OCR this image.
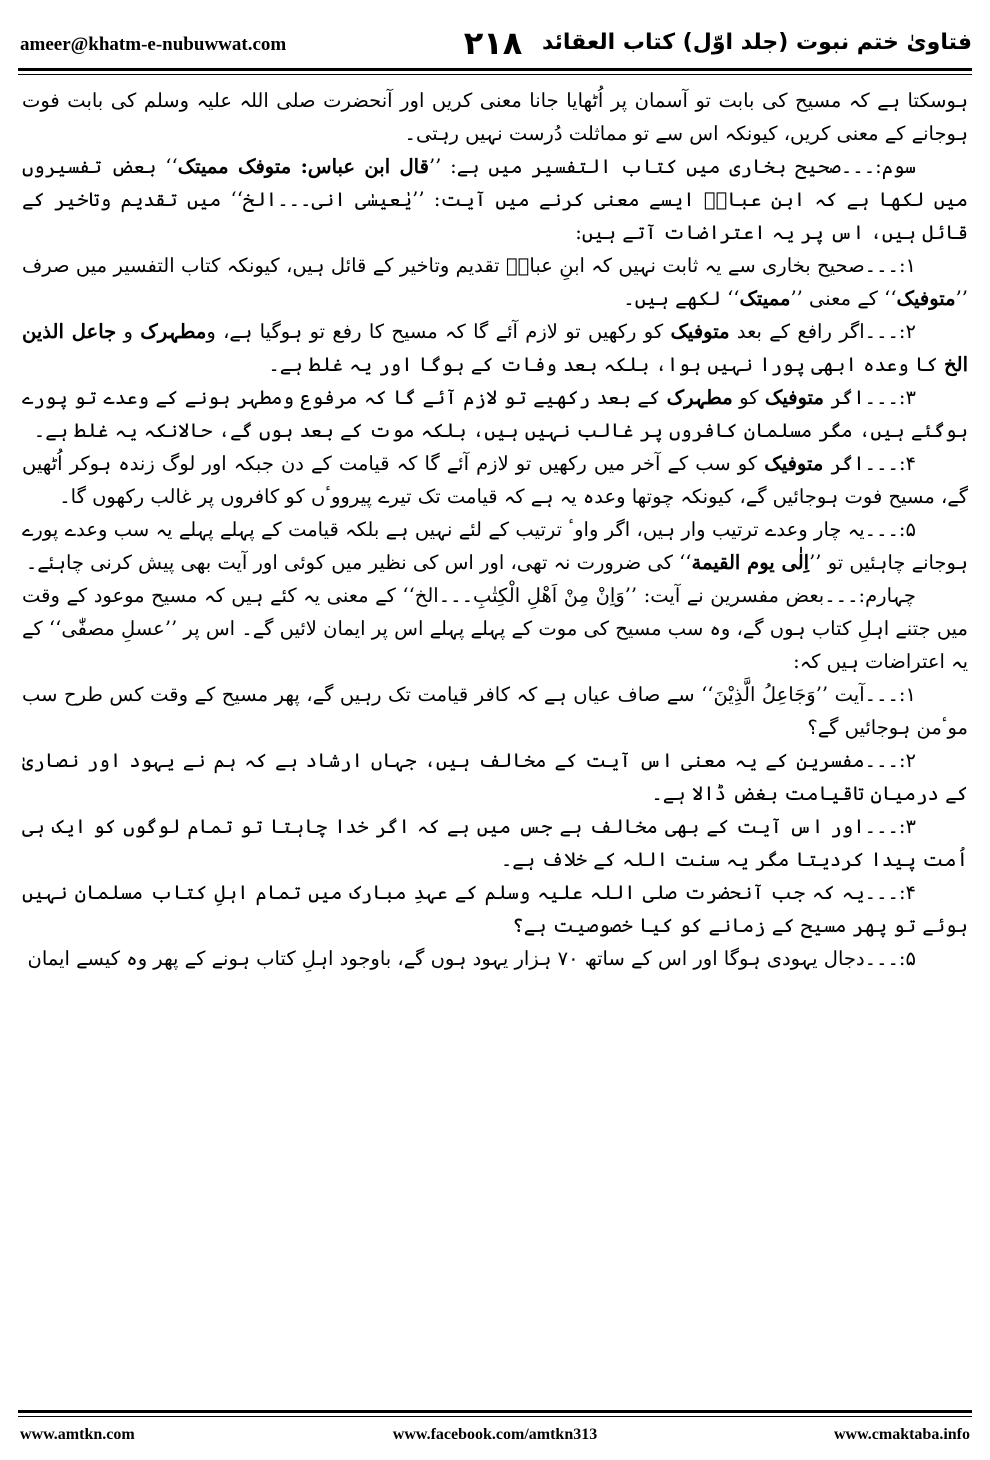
ameer@khatm-e-nubuwwat.com	۲۱۸ فتاویٰ ختم نبوت (جلد اوّل) کتاب العقائد

ہوسکتا ہے کہ مسیح کی بابت تو آسمان پر اُٹھایا جانا معنی کریں اور آنحضرت صلی اللہ علیہ وسلم کی بابت فوت ہوجانے کے معنی کریں، کیونکہ اس سے تو مماثلت دُرست نہیں رہتی۔

سوم:۔۔۔صحیح بخاری میں کتاب التفسیر میں ہے: ’’قال ابن عباس: متوفک ممیتک‘‘ بعض تفسیروں میں لکھا ہے کہ ابن عباسؓ ایسے معنی کرنے میں آیت: ’’یٰعیسٰی انی۔۔۔الخ‘‘ میں تقدیم وتاخیر کے قائل ہیں، اس پر یہ اعتراضات آتے ہیں:

۱:۔۔۔صحیح بخاری سے یہ ثابت نہیں کہ ابنِ عباسؓ تقدیم وتاخیر کے قائل ہیں، کیونکہ کتاب التفسیر میں صرف ’’متوفیک‘‘ کے معنی ’’ممیتک‘‘ لکھے ہیں۔

۲:۔۔۔اگر رافع کے بعد متوفیک کو رکھیں تو لازم آئے گا کہ مسیح کا رفع تو ہوگیا ہے، ومطہرک و جاعل الذین الخ کا وعدہ ابھی پورا نہیں ہوا، بلکہ بعد وفات کے ہوگا اور یہ غلط ہے۔

۳:۔۔۔اگر متوفیک کو مطہرک کے بعد رکھیے تو لازم آئے گا کہ مرفوع ومطہر ہونے کے وعدے تو پورے ہوگئے ہیں، مگر مسلمان کافروں پر غالب نہیں ہیں، بلکہ موت کے بعد ہوں گے، حالانکہ یہ غلط ہے۔

۴:۔۔۔اگر متوفیک کو سب کے آخر میں رکھیں تو لازم آئے گا کہ قیامت کے دن جبکہ اور لوگ زندہ ہوکر اُٹھیں گے، مسیح فوت ہوجائیں گے، کیونکہ چوتھا وعدہ یہ ہے کہ قیامت تک تیرے پیرووٴں کو کافروں پر غالب رکھوں گا۔

۵:۔۔۔یہ چار وعدے ترتیب وار ہیں، اگر واوٴ ترتیب کے لئے نہیں ہے بلکہ قیامت کے پہلے پہلے یہ سب وعدے پورے ہوجانے چاہئیں تو ’’اِلٰی یوم القیمة‘‘ کی ضرورت نہ تھی، اور اس کی نظیر میں کوئی اور آیت بھی پیش کرنی چاہئے۔

چہارم:۔۔۔بعض مفسرین نے آیت: ’’وَاِنْ مِنْ اَھْلِ الْکِتٰبِ۔۔۔الخ‘‘ کے معنی یہ کئے ہیں کہ مسیح موعود کے وقت میں جتنے اہلِ کتاب ہوں گے، وہ سب مسیح کی موت کے پہلے پہلے اس پر ایمان لائیں گے۔ اس پر ’’عسلِ مصفّٰی‘‘ کے یہ اعتراضات ہیں کہ:

۱:۔۔۔آیت ’’وَجَاعِلُ الَّذِیْنَ‘‘ سے صاف عیاں ہے کہ کافر قیامت تک رہیں گے، پھر مسیح کے وقت کس طرح سب موٴمن ہوجائیں گے؟

۲:۔۔۔مفسرین کے یہ معنی اس آیت کے مخالف ہیں، جہاں ارشاد ہے کہ ہم نے یہود اور نصاریٰ کے درمیان تاقیامت بغض ڈالا ہے۔

۳:۔۔۔اور اس آیت کے بھی مخالف ہے جس میں ہے کہ اگر خدا چاہتا تو تمام لوگوں کو ایک ہی اُمت پیدا کردیتا مگر یہ سنت اللہ کے خلاف ہے۔

۴:۔۔۔یہ کہ جب آنحضرت صلی اللہ علیہ وسلم کے عہدِ مبارک میں تمام اہلِ کتاب مسلمان نہیں ہوئے تو پھر مسیح کے زمانے کو کیا خصوصیت ہے؟

۵:۔۔۔دجال یہودی ہوگا اور اس کے ساتھ ۷۰ ہزار یہود ہوں گے، باوجود اہلِ کتاب ہونے کے پھر وہ کیسے ایمان

www.amtkn.com	www.facebook.com/amtkn313	www.cmaktaba.info
